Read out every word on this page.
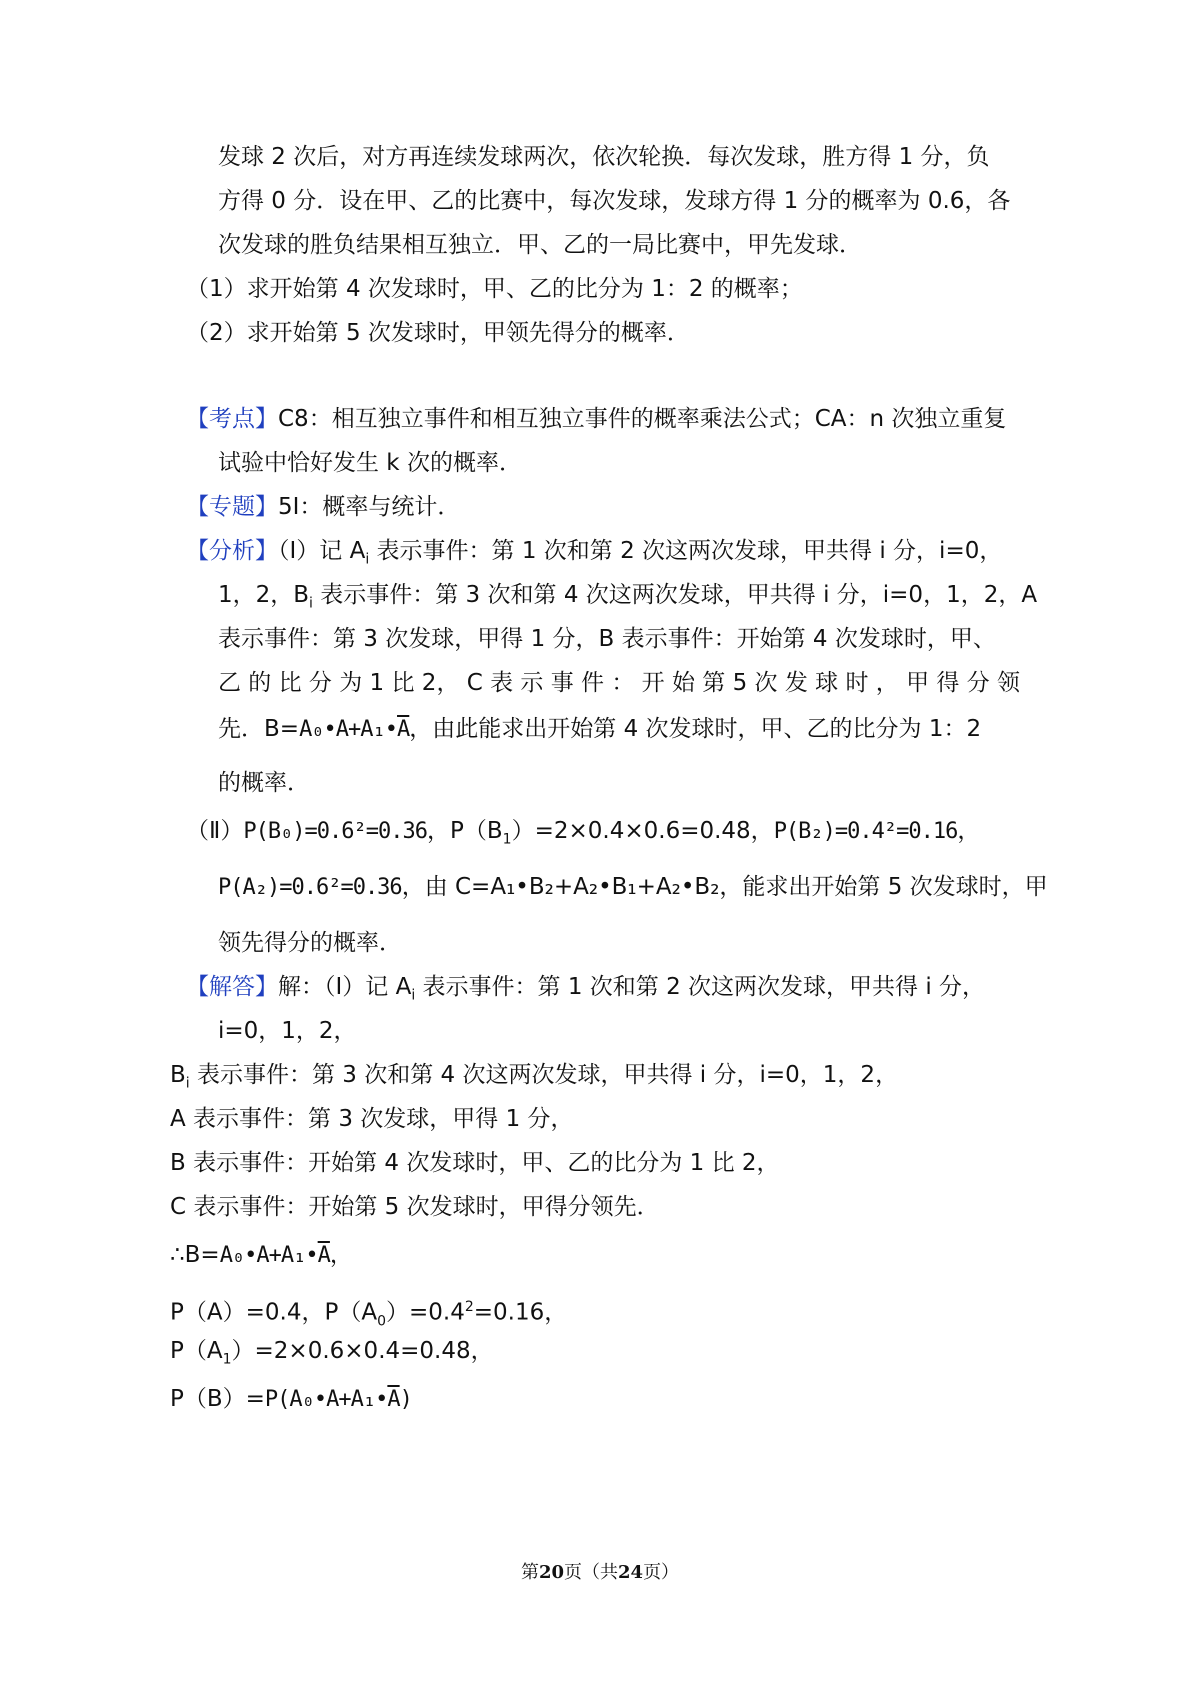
发球 2 次后，对方再连续发球两次，依次轮换．每次发球，胜方得 1 分，负
方得 0 分．设在甲、乙的比赛中，每次发球，发球方得 1 分的概率为 0.6，各
次发球的胜负结果相互独立．甲、乙的一局比赛中，甲先发球．
（1）求开始第 4 次发球时，甲、乙的比分为 1：2 的概率；
（2）求开始第 5 次发球时，甲领先得分的概率．
【考点】C8：相互独立事件和相互独立事件的概率乘法公式；CA：n 次独立重复
试验中恰好发生 k 次的概率．
【专题】5I：概率与统计．
【分析】（Ⅰ）记 $A_i$ 表示事件：第 1 次和第 2 次这两次发球，甲共得 i 分，i=0，
1，2，$B_i$ 表示事件：第 3 次和第 4 次这两次发球，甲共得 i 分，i=0，1，2，A
表示事件：第 3 次发球，甲得 1 分，B 表示事件：开始第 4 次发球时，甲、
乙 的 比 分 为 1 比 2， C 表 示 事 件 ： 开 始 第 5 次 发 球 时 ， 甲 得 分 领
先．$B=A_0•A+A_1•\overline{A}$，由此能求出开始第 4 次发球时，甲、乙的比分为 1：2
的概率．
（Ⅱ）P(B₀)=0.6²=0.36，$P(B_1)=2\times 0.4\times 0.6=0.48$，P(B₂)=0.4²=0.16，
P(A₂)=0.6²=0.36，由 C=A₁•B₂+A₂•B₁+A₂•B₂，能求出开始第 5 次发球时，甲
领先得分的概率．
【解答】解：（Ⅰ）记 $A_i$ 表示事件：第 1 次和第 2 次这两次发球，甲共得 i 分，
i=0，1，2，
$B_i$ 表示事件：第 3 次和第 4 次这两次发球，甲共得 i 分，i=0，1，2，
A 表示事件：第 3 次发球，甲得 1 分，
B 表示事件：开始第 4 次发球时，甲、乙的比分为 1 比 2，
C 表示事件：开始第 5 次发球时，甲得分领先．
$\therefore B=A_0•A+A_1•\overline{A}$，
P（A）=0.4，$P(A_0)=0.4^2=0.16$，
$P(A_1)=2\times 0.6\times 0.4=0.48$，
$P(B)=P(A_0•A+A_1•\overline{A})$
第20页（共24页）
